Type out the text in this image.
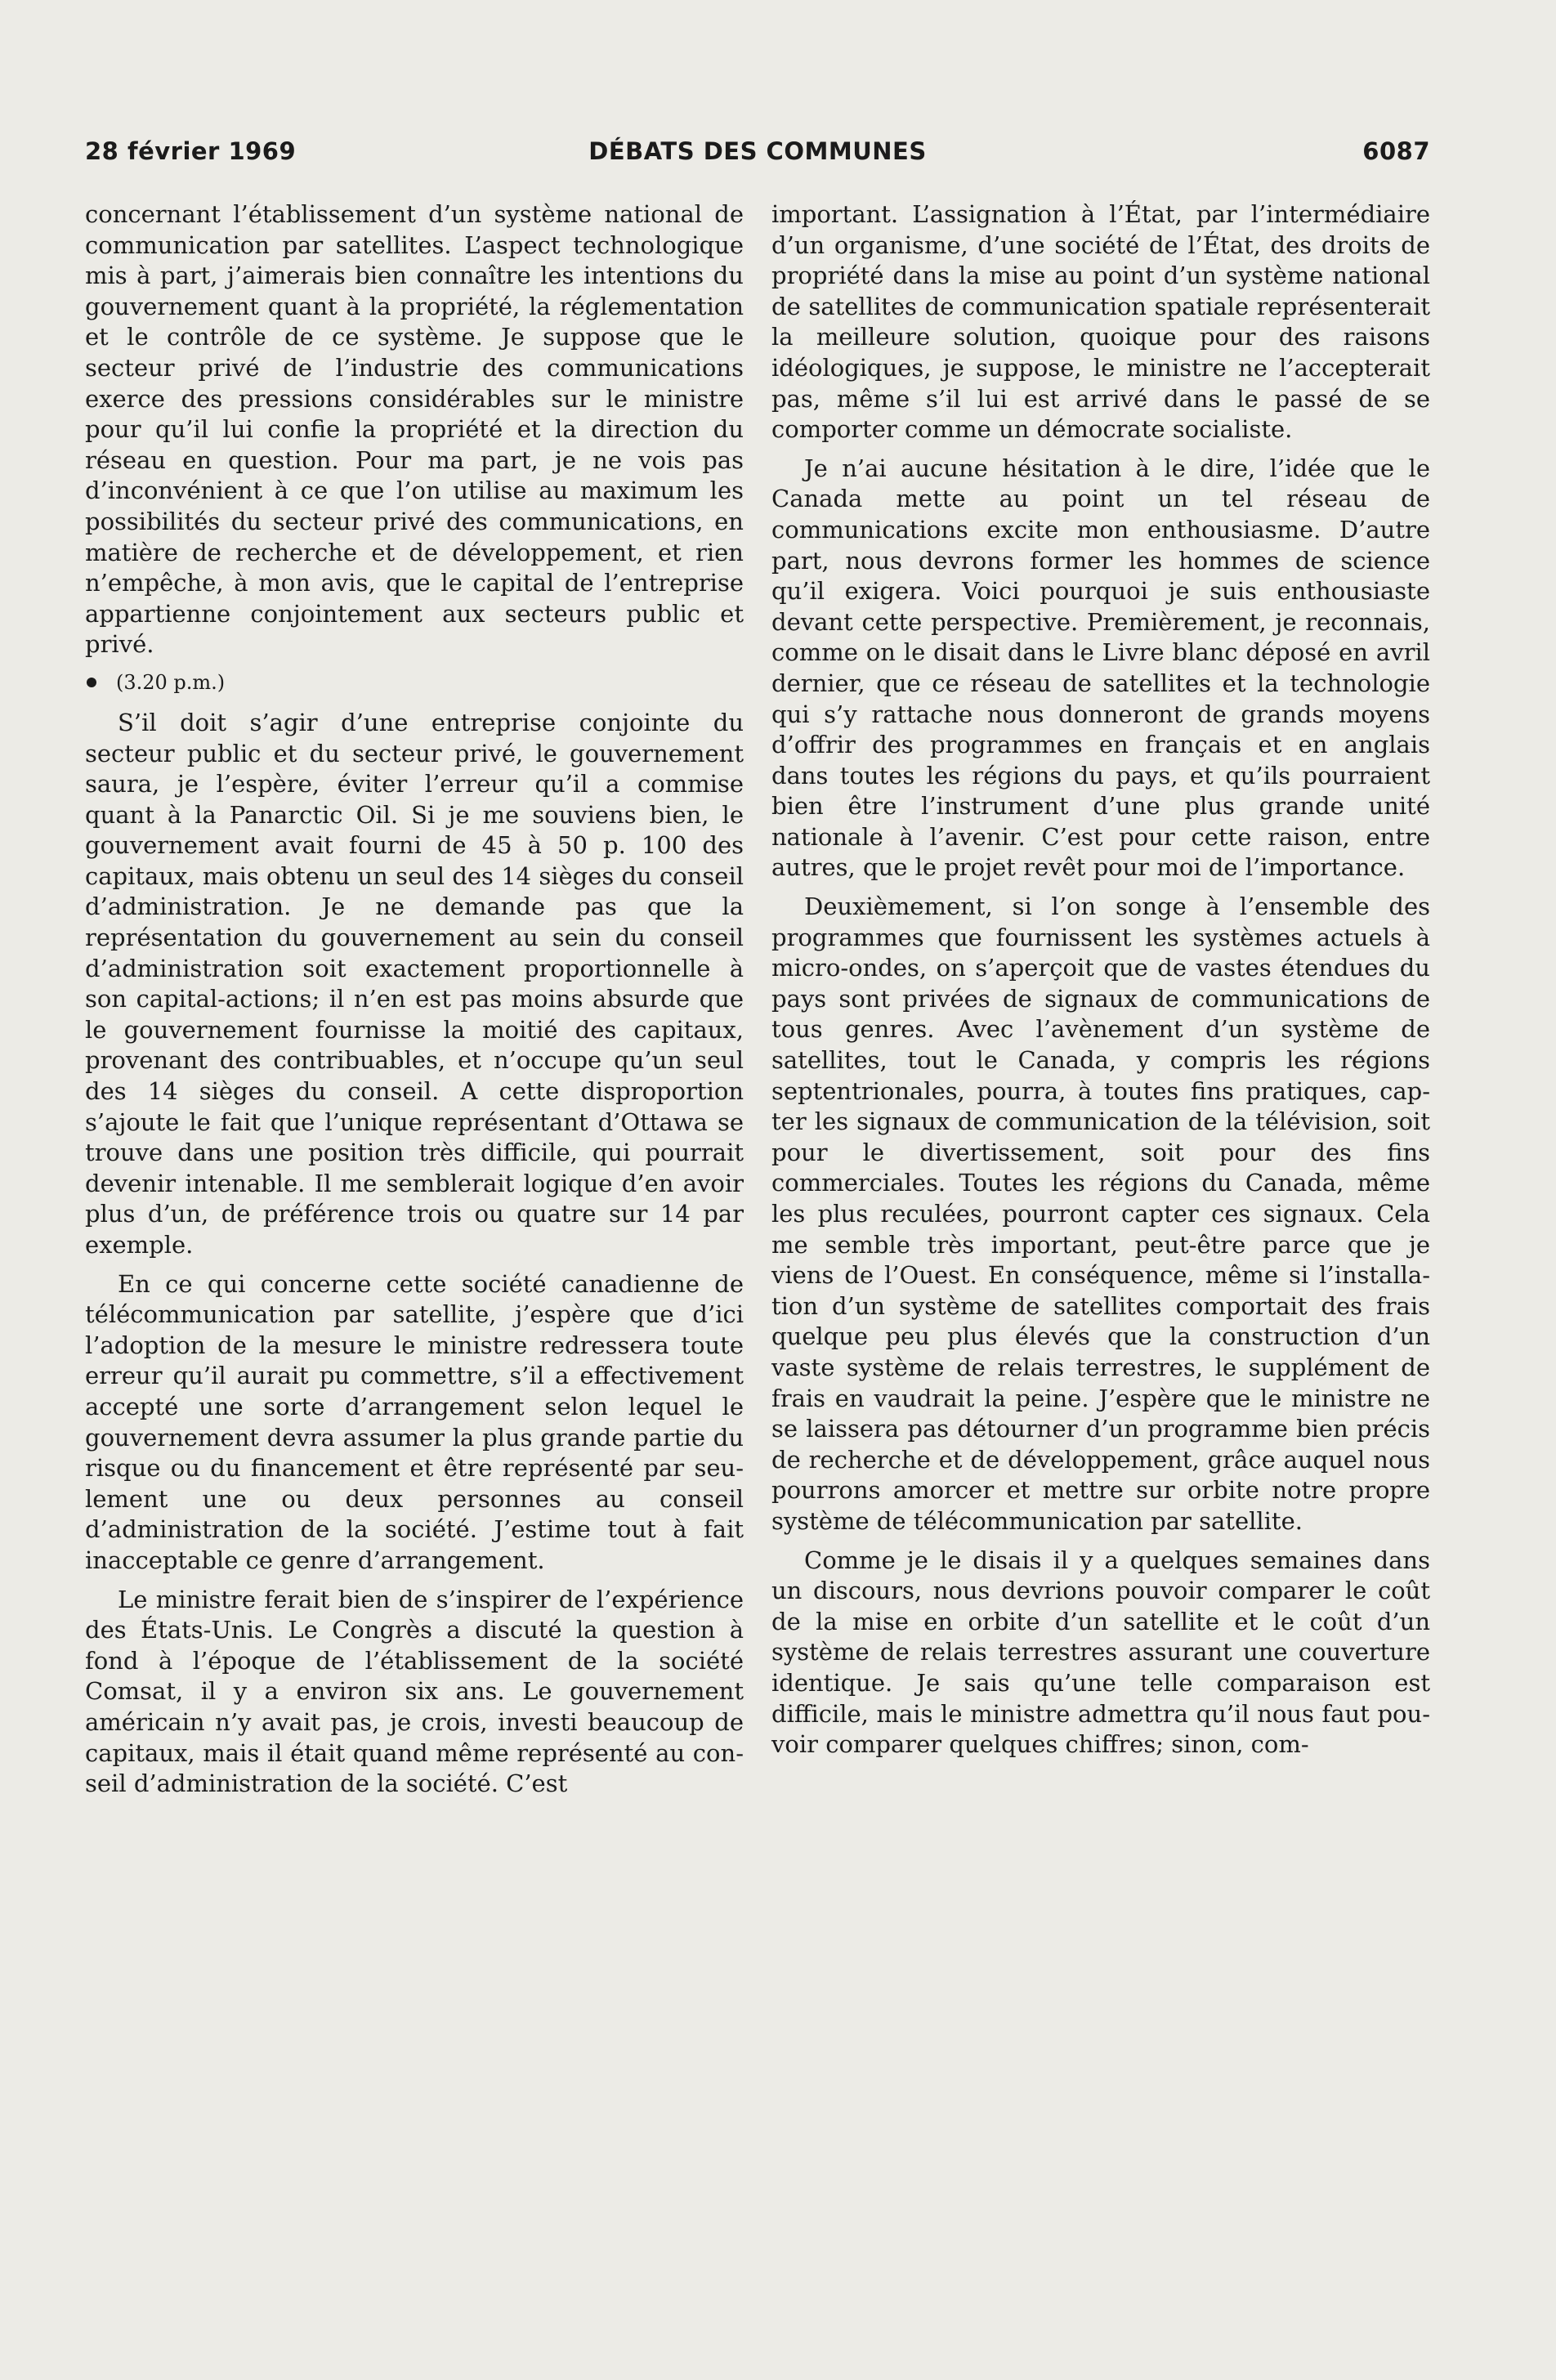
28 février 1969	DÉBATS DES COMMUNES	6087

concernant l’établissement d’un système national de communication par satellites. L’aspect technologique mis à part, j’aimerais bien connaître les intentions du gouvernement quant à la propriété, la réglementation et le contrôle de ce système. Je suppose que le secteur privé de l’industrie des communications exerce des pressions considérables sur le ministre pour qu’il lui confie la propriété et la direction du réseau en question. Pour ma part, je ne vois pas d’inconvénient à ce que l’on utilise au maximum les possibilités du secteur privé des communications, en matière de recherche et de développement, et rien n’empêche, à mon avis, que le capital de l’entreprise appartienne conjointement aux secteurs public et privé.

(3.20 p.m.)

S’il doit s’agir d’une entreprise conjointe du secteur public et du secteur privé, le gouvernement saura, je l’espère, éviter l’erreur qu’il a commise quant à la Panarctic Oil. Si je me souviens bien, le gouvernement avait fourni de 45 à 50 p. 100 des capitaux, mais obtenu un seul des 14 sièges du conseil d’administration. Je ne demande pas que la représentation du gouvernement au sein du conseil d’administration soit exactement proportionnelle à son capital-actions; il n’en est pas moins absurde que le gouvernement fournisse la moitié des capitaux, provenant des contribuables, et n’occupe qu’un seul des 14 sièges du conseil. A cette disproportion s’ajoute le fait que l’unique représentant d’Ottawa se trouve dans une position très difficile, qui pourrait devenir intenable. Il me semblerait logique d’en avoir plus d’un, de préférence trois ou quatre sur 14 par exemple.

En ce qui concerne cette société canadienne de télécommunication par satellite, j’espère que d’ici l’adoption de la mesure le ministre redressera toute erreur qu’il aurait pu commettre, s’il a effectivement accepté une sorte d’arrangement selon lequel le gouvernement devra assumer la plus grande partie du risque ou du financement et être représenté par seulement une ou deux personnes au conseil d’administration de la société. J’estime tout à fait inacceptable ce genre d’arrangement.

Le ministre ferait bien de s’inspirer de l’expérience des États-Unis. Le Congrès a discuté la question à fond à l’époque de l’établissement de la société Comsat, il y a environ six ans. Le gouvernement américain n’y avait pas, je crois, investi beaucoup de capitaux, mais il était quand même représenté au conseil d’administration de la société. C’est

important. L’assignation à l’État, par l’intermédiaire d’un organisme, d’une société de l’État, des droits de propriété dans la mise au point d’un système national de satellites de communication spatiale représenterait la meilleure solution, quoique pour des raisons idéologiques, je suppose, le ministre ne l’accepterait pas, même s’il lui est arrivé dans le passé de se comporter comme un démocrate socialiste.

Je n’ai aucune hésitation à le dire, l’idée que le Canada mette au point un tel réseau de communications excite mon enthousiasme. D’autre part, nous devrons former les hommes de science qu’il exigera. Voici pourquoi je suis enthousiaste devant cette perspective. Premièrement, je reconnais, comme on le disait dans le Livre blanc déposé en avril dernier, que ce réseau de satellites et la technologie qui s’y rattache nous donneront de grands moyens d’offrir des programmes en français et en anglais dans toutes les régions du pays, et qu’ils pourraient bien être l’instrument d’une plus grande unité nationale à l’avenir. C’est pour cette raison, entre autres, que le projet revêt pour moi de l’importance.

Deuxièmement, si l’on songe à l’ensemble des programmes que fournissent les systèmes actuels à micro-ondes, on s’aperçoit que de vastes étendues du pays sont privées de signaux de communications de tous genres. Avec l’avènement d’un système de satellites, tout le Canada, y compris les régions septentrionales, pourra, à toutes fins pratiques, capter les signaux de communication de la télévision, soit pour le divertissement, soit pour des fins commerciales. Toutes les régions du Canada, même les plus reculées, pourront capter ces signaux. Cela me semble très important, peut-être parce que je viens de l’Ouest. En conséquence, même si l’installation d’un système de satellites comportait des frais quelque peu plus élevés que la construction d’un vaste système de relais terrestres, le supplément de frais en vaudrait la peine. J’espère que le ministre ne se laissera pas détourner d’un programme bien précis de recherche et de développement, grâce auquel nous pourrons amorcer et mettre sur orbite notre propre système de télécommunication par satellite.

Comme je le disais il y a quelques semaines dans un discours, nous devrions pouvoir comparer le coût de la mise en orbite d’un satellite et le coût d’un système de relais terrestres assurant une couverture identique. Je sais qu’une telle comparaison est difficile, mais le ministre admettra qu’il nous faut pouvoir comparer quelques chiffres; sinon, com-
